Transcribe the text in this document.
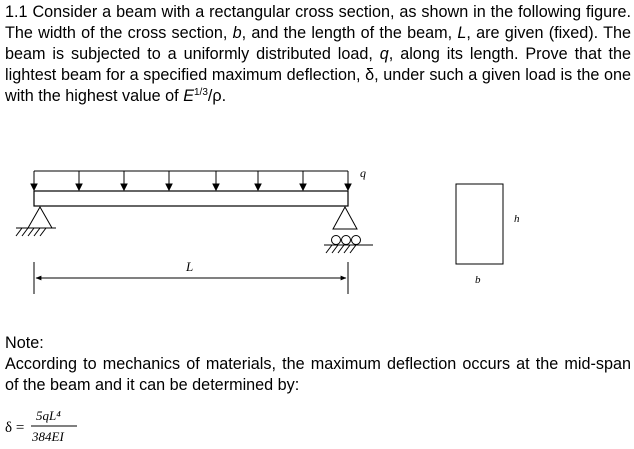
1.1 Consider a beam with a rectangular cross section, as shown in the following figure. The width of the cross section, b, and the length of the beam, L, are given (fixed). The beam is subjected to a uniformly distributed load, q, along its length. Prove that the lightest beam for a specified maximum deflection, δ, under such a given load is the one with the highest value of $E^{1/3}/\rho$.

q
L
h
b

Note:

According to mechanics of materials, the maximum deflection occurs at the mid-span of the beam and it can be determined by:

δ =
5qL⁴
384EI
